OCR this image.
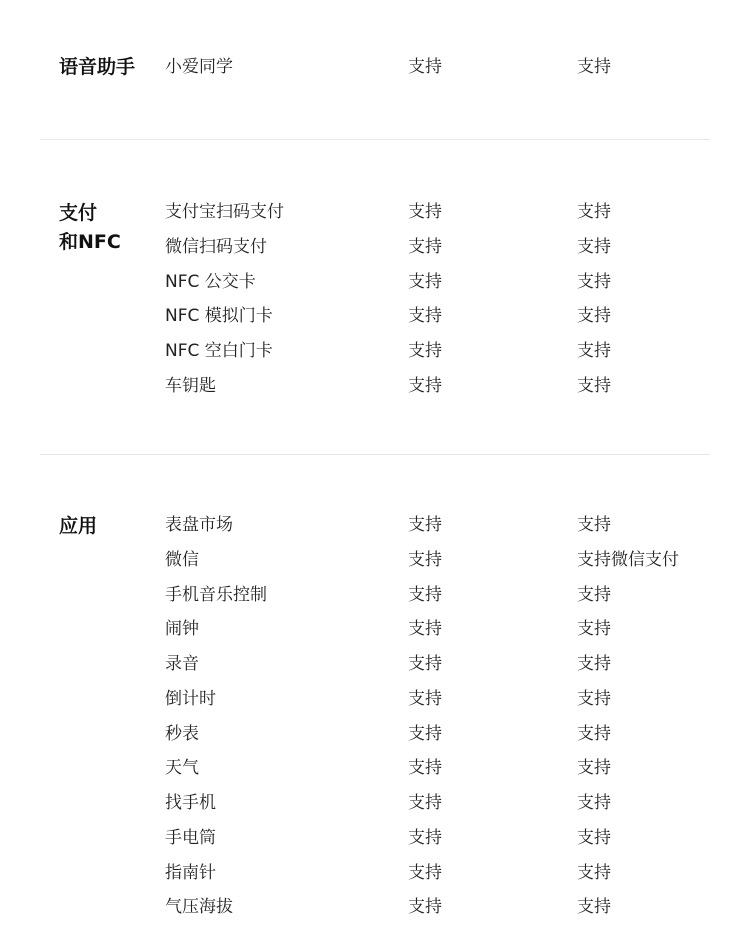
语音助手	小爱同学	支持	支持
支付
和NFC
支付宝扫码支付	支持	支持
微信扫码支付	支持	支持
NFC 公交卡	支持	支持
NFC 模拟门卡	支持	支持
NFC 空白门卡	支持	支持
车钥匙	支持	支持
应用	表盘市场	支持	支持
微信	支持	支持微信支付
手机音乐控制	支持	支持
闹钟	支持	支持
录音	支持	支持
倒计时	支持	支持
秒表	支持	支持
天气	支持	支持
找手机	支持	支持
手电筒	支持	支持
指南针	支持	支持
气压海拔	支持	支持
